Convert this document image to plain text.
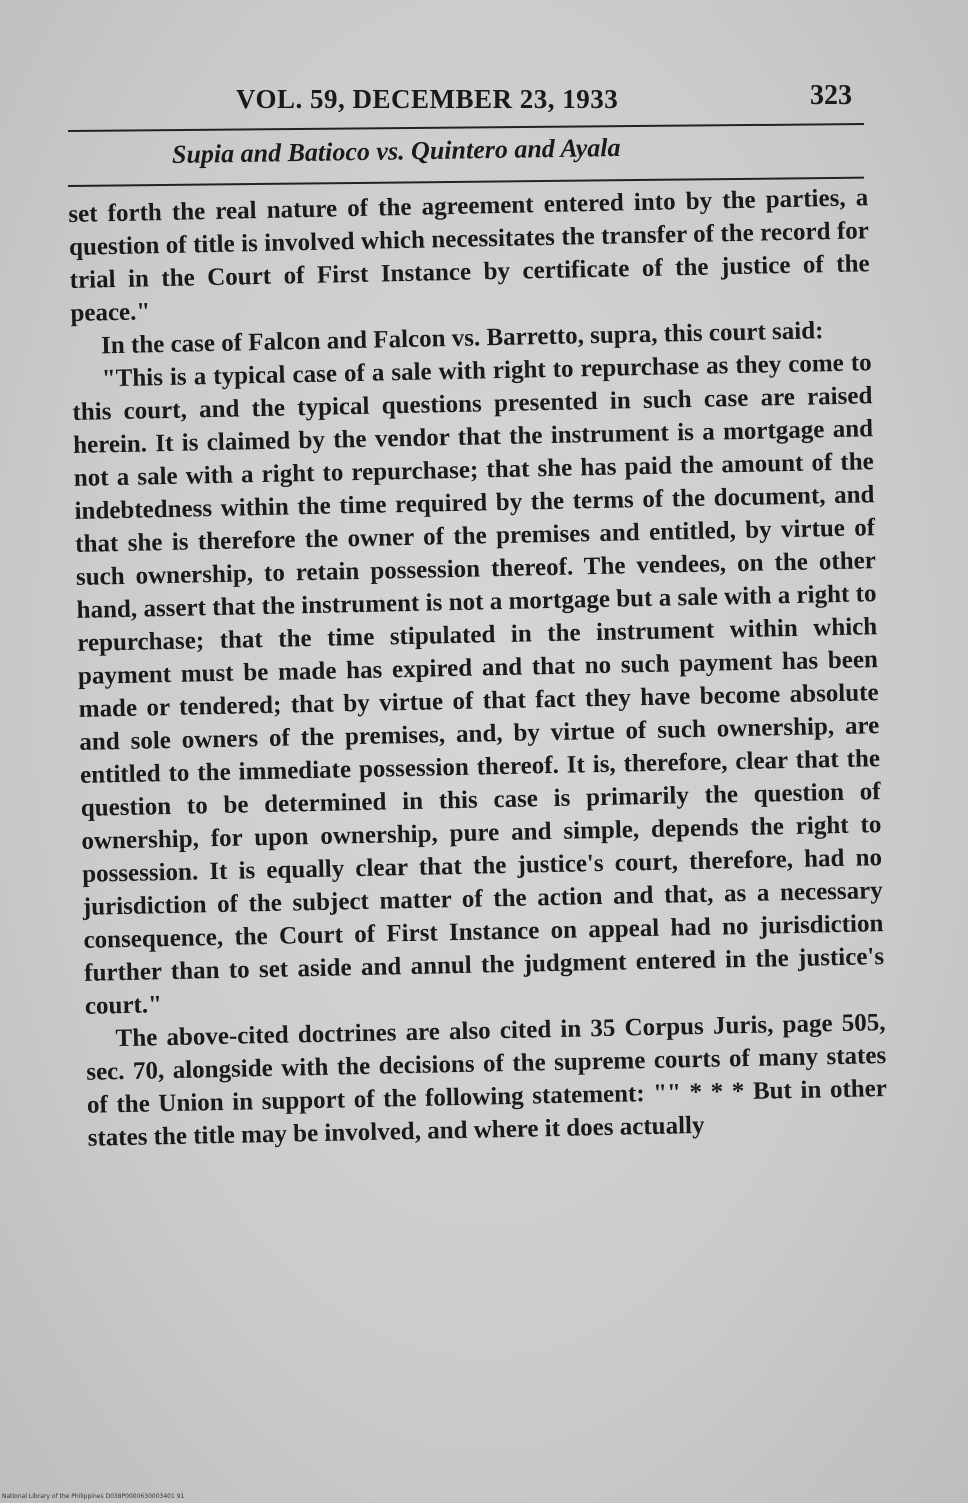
VOL. 59, DECEMBER 23, 1933	323
Supia and Batioco vs. Quintero and Ayala

set forth the real nature of the agreement entered into by the parties, a question of title is involved which necessitates the transfer of the record for trial in the Court of First Instance by certificate of the justice of the peace."

In the case of Falcon and Falcon vs. Barretto, supra, this court said:

"This is a typical case of a sale with right to repurchase as they come to this court, and the typical questions presented in such case are raised herein. It is claimed by the vendor that the instrument is a mortgage and not a sale with a right to repurchase; that she has paid the amount of the indebtedness within the time required by the terms of the document, and that she is therefore the owner of the premises and entitled, by virtue of such ownership, to retain possession thereof. The vendees, on the other hand, assert that the instrument is not a mortgage but a sale with a right to repurchase; that the time stipulated in the instrument within which payment must be made has expired and that no such payment has been made or tendered; that by virtue of that fact they have become absolute and sole owners of the premises, and, by virtue of such ownership, are entitled to the immediate possession thereof. It is, therefore, clear that the question to be determined in this case is primarily the question of ownership, for upon ownership, pure and simple, depends the right to possession. It is equally clear that the justice's court, therefore, had no jurisdiction of the subject matter of the action and that, as a necessary consequence, the Court of First Instance on appeal had no jurisdiction further than to set aside and annul the judgment entered in the justice's court."

The above-cited doctrines are also cited in 35 Corpus Juris, page 505, sec. 70, alongside with the decisions of the supreme courts of many states of the Union in support of the following statement: "" * * * But in other states the title may be involved, and where it does actually

National Library of the Philippines D038P0000630003401 91
